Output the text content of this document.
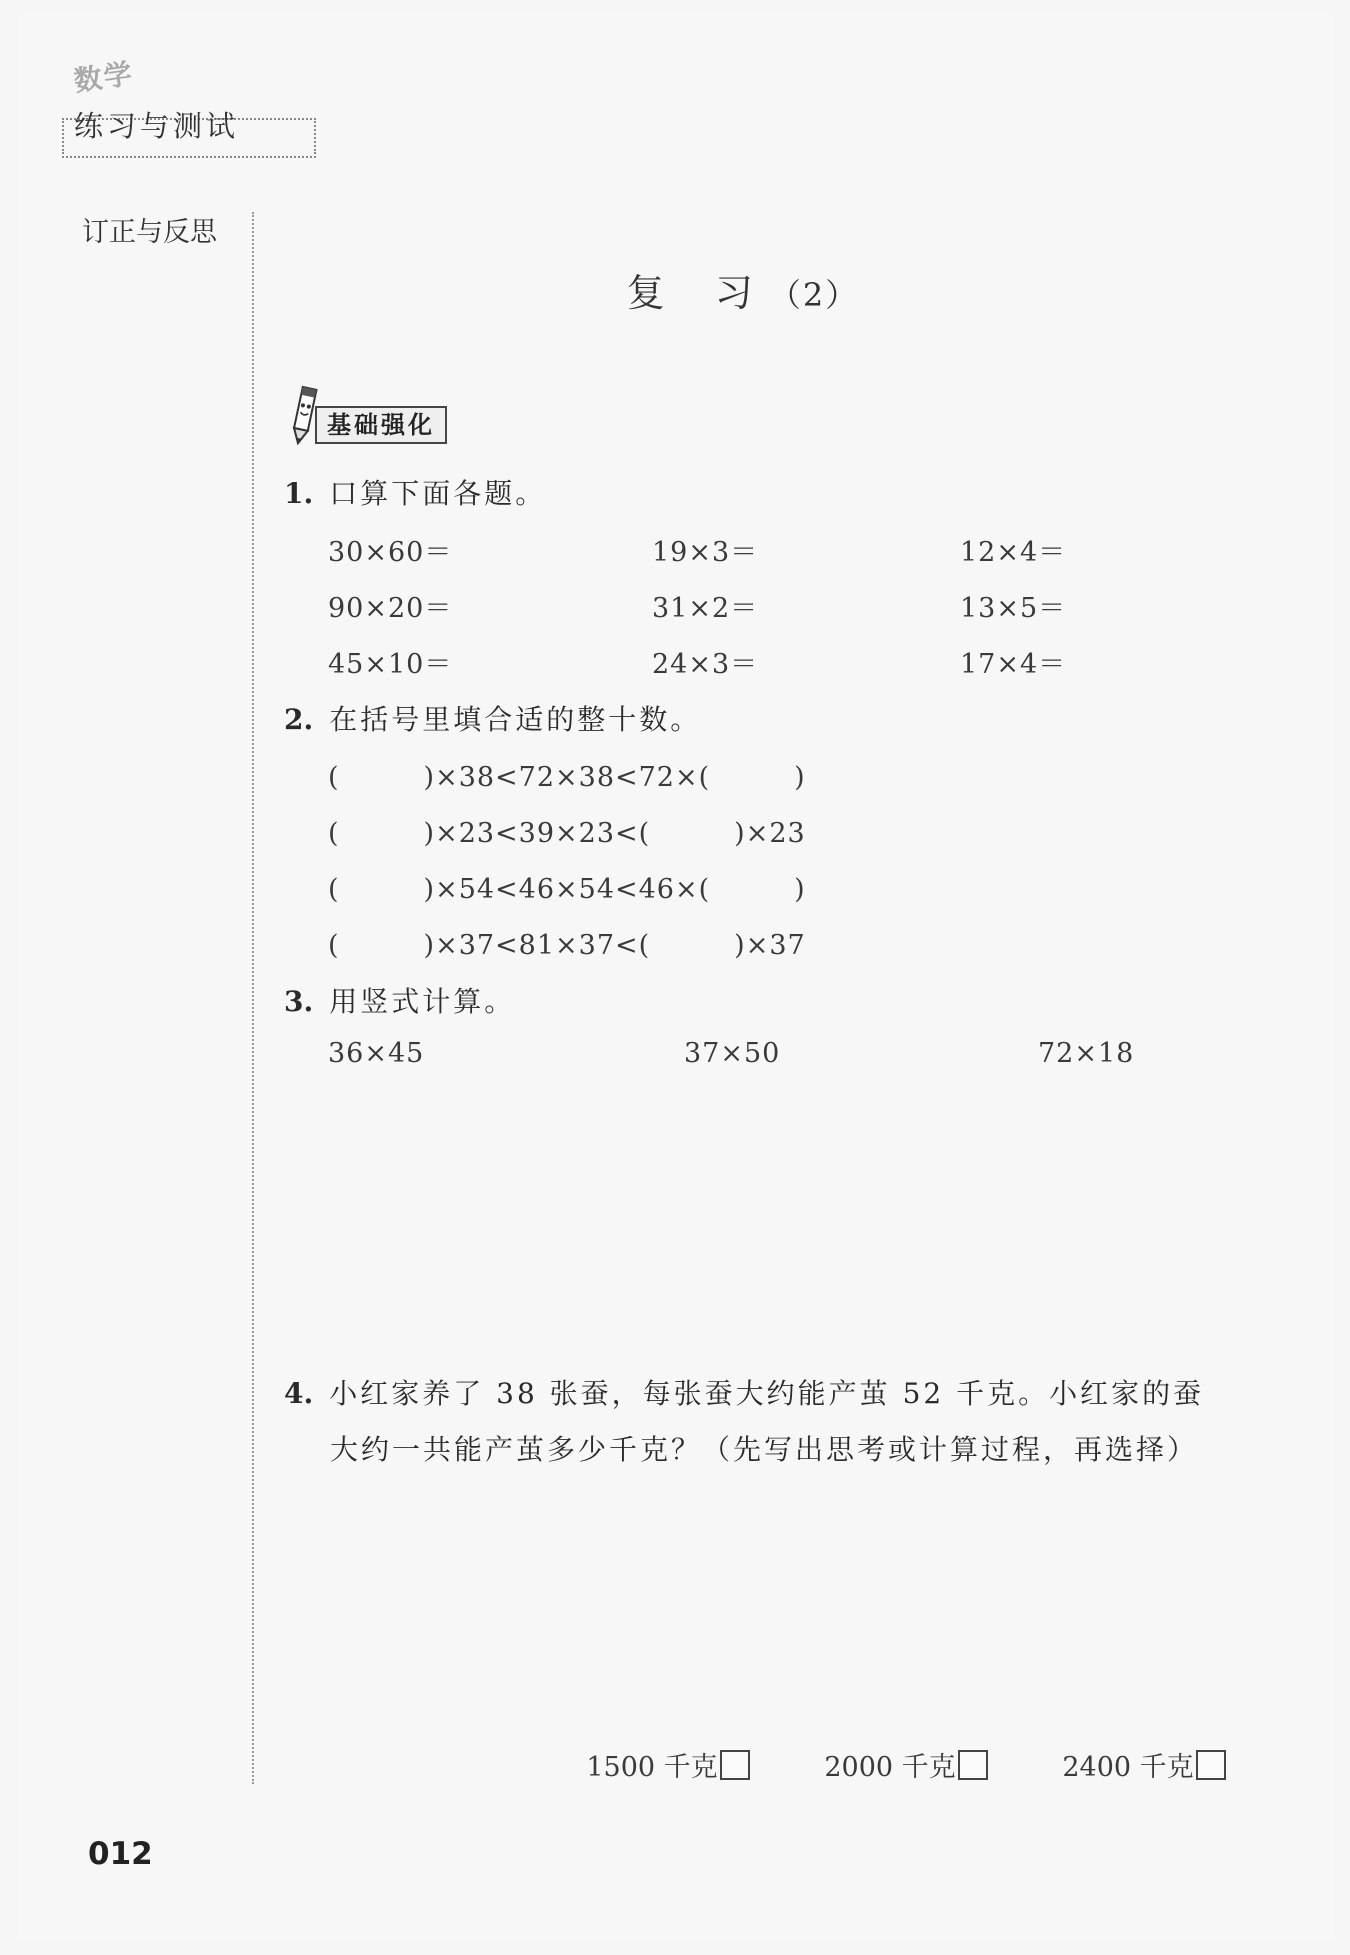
数学
练习与测试
订正与反思
复　习 （2）
基础强化
1. 口算下面各题。
30×60＝	19×3＝	12×4＝
90×20＝	31×2＝	13×5＝
45×10＝	24×3＝	17×4＝
2. 在括号里填合适的整十数。
(　　　)×38<72×38<72×(　　　)
(　　　)×23<39×23<(　　　)×23
(　　　)×54<46×54<46×(　　　)
(　　　)×37<81×37<(　　　)×37
3. 用竖式计算。
36×45	37×50	72×18
4. 小红家养了 38 张蚕，每张蚕大约能产茧 52 千克。小红家的蚕
大约一共能产茧多少千克？（先写出思考或计算过程，再选择）

1500 千克
	2000 千克
	2400 千克

012
